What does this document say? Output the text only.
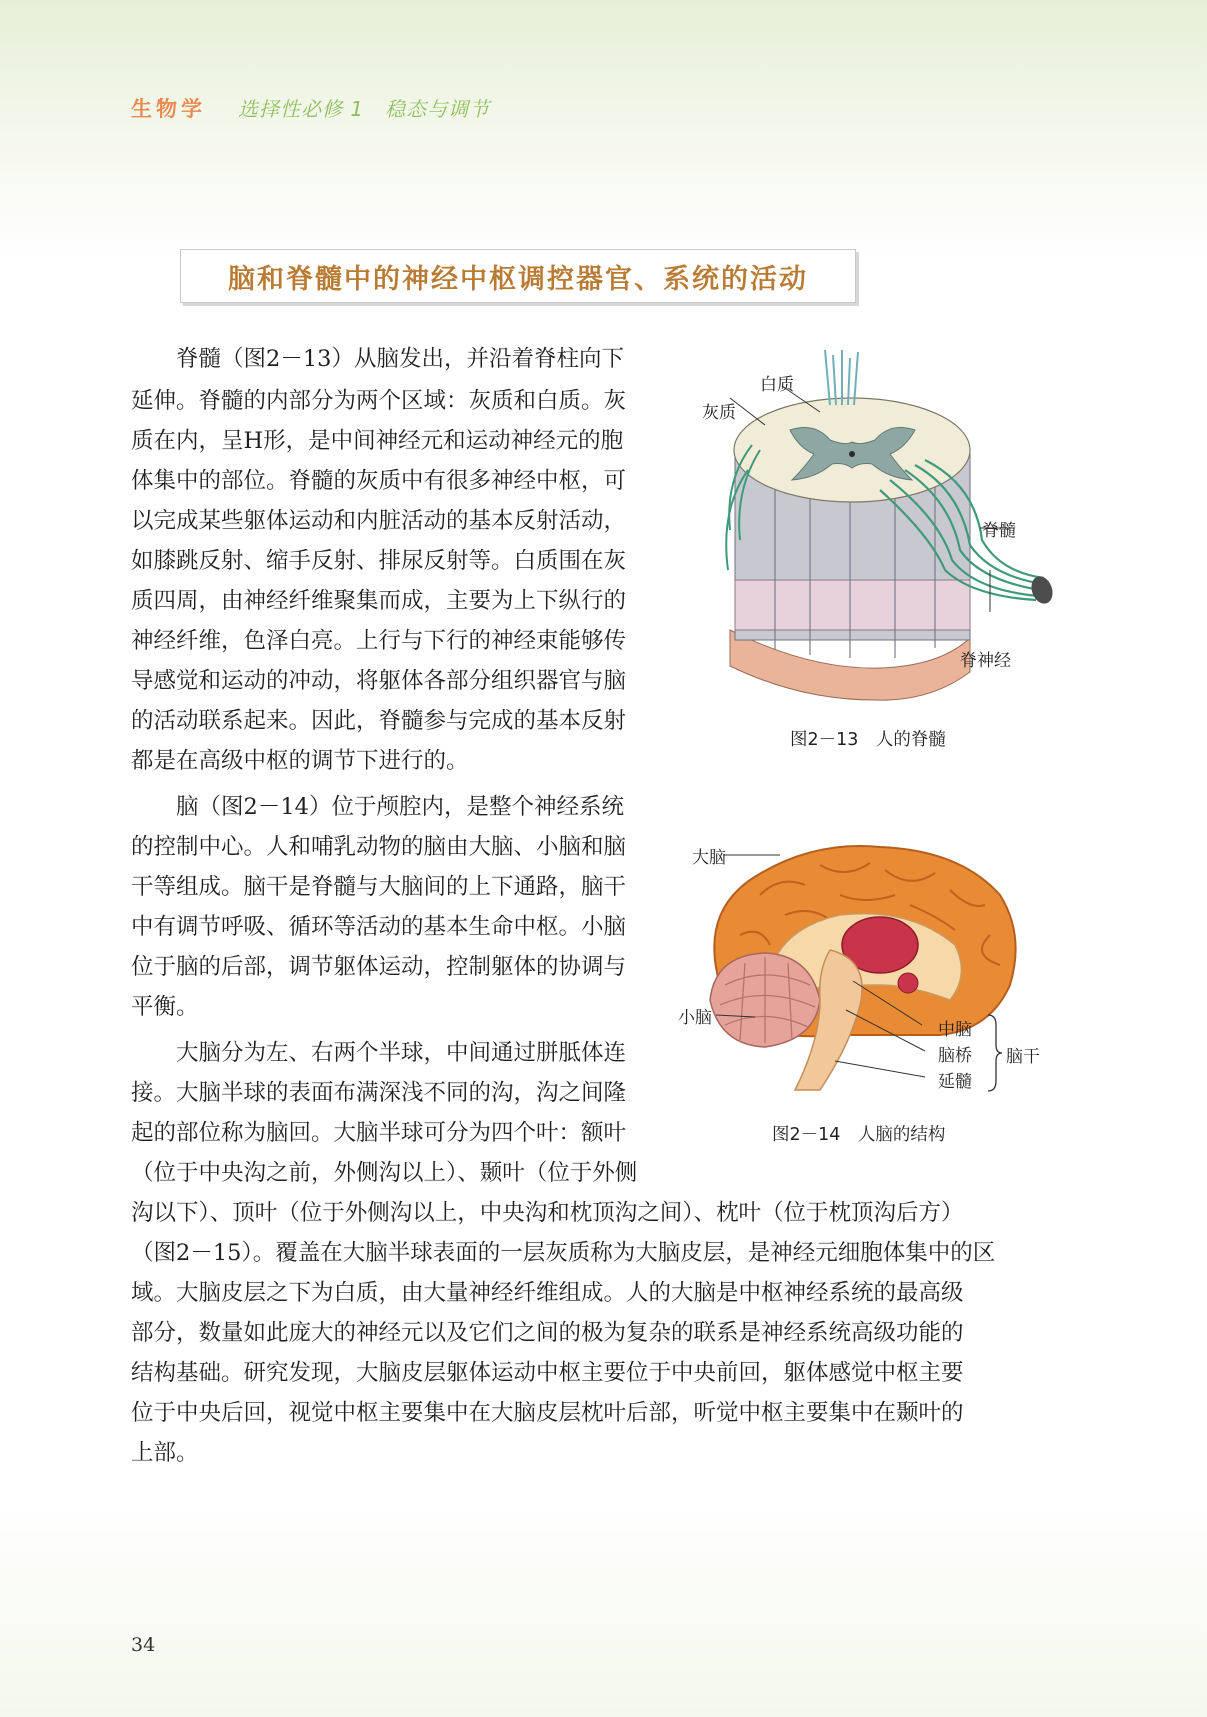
生物学 选择性必修 1　稳态与调节
脑和脊髓中的神经中枢调控器官、系统的活动
　　脊髓（图2－13）从脑发出，并沿着脊柱向下
延伸。脊髓的内部分为两个区域：灰质和白质。灰
质在内，呈H形，是中间神经元和运动神经元的胞
体集中的部位。脊髓的灰质中有很多神经中枢，可
以完成某些躯体运动和内脏活动的基本反射活动，
如膝跳反射、缩手反射、排尿反射等。白质围在灰
质四周，由神经纤维聚集而成，主要为上下纵行的
神经纤维，色泽白亮。上行与下行的神经束能够传
导感觉和运动的冲动，将躯体各部分组织器官与脑
的活动联系起来。因此，脊髓参与完成的基本反射
都是在高级中枢的调节下进行的。
　　脑（图2－14）位于颅腔内，是整个神经系统
的控制中心。人和哺乳动物的脑由大脑、小脑和脑
干等组成。脑干是脊髓与大脑间的上下通路，脑干
中有调节呼吸、循环等活动的基本生命中枢。小脑
位于脑的后部，调节躯体运动，控制躯体的协调与
平衡。
　　大脑分为左、右两个半球，中间通过胼胝体连
接。大脑半球的表面布满深浅不同的沟，沟之间隆
起的部位称为脑回。大脑半球可分为四个叶：额叶
（位于中央沟之前，外侧沟以上）、颞叶（位于外侧
沟以下）、顶叶（位于外侧沟以上，中央沟和枕顶沟之间）、枕叶（位于枕顶沟后方）
（图2－15）。覆盖在大脑半球表面的一层灰质称为大脑皮层，是神经元细胞体集中的区
域。大脑皮层之下为白质，由大量神经纤维组成。人的大脑是中枢神经系统的最高级
部分，数量如此庞大的神经元以及它们之间的极为复杂的联系是神经系统高级功能的
结构基础。研究发现，大脑皮层躯体运动中枢主要位于中央前回，躯体感觉中枢主要
位于中央后回，视觉中枢主要集中在大脑皮层枕叶后部，听觉中枢主要集中在颞叶的
上部。
白质
灰质
脊髓
脊神经
图2－13　人的脊髓
大脑
小脑
中脑
脑桥
延髓
脑干
图2－14　人脑的结构
34
